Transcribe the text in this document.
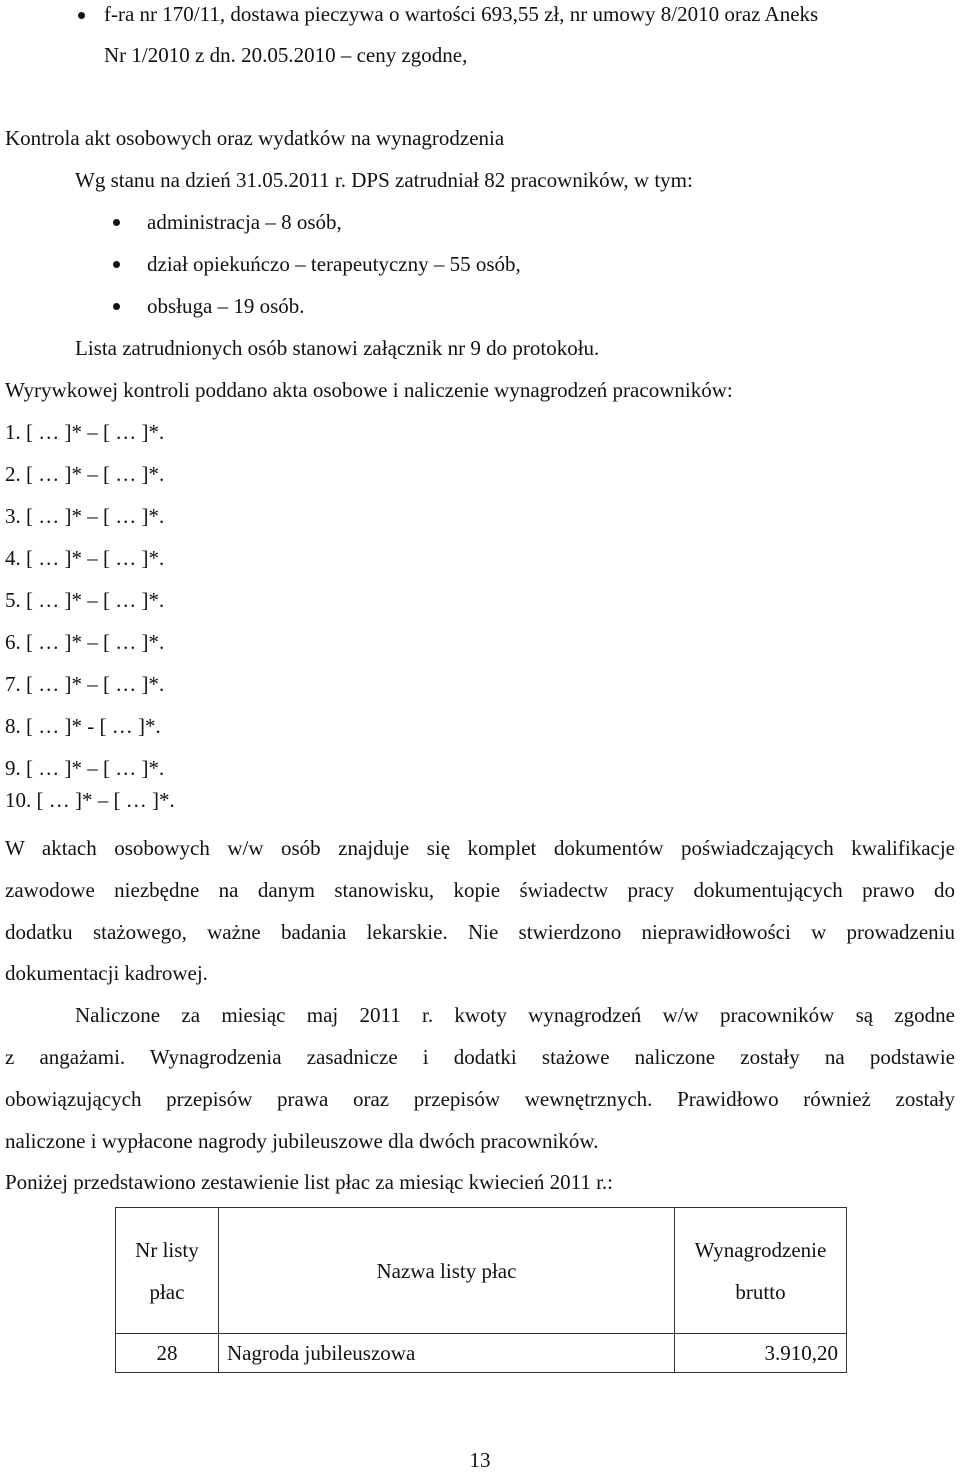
f-ra nr 170/11, dostawa pieczywa o wartości 693,55 zł, nr umowy 8/2010 oraz Aneks
Nr 1/2010 z dn. 20.05.2010 – ceny zgodne,
Kontrola akt osobowych oraz wydatków na wynagrodzenia
Wg stanu na dzień 31.05.2011 r. DPS zatrudniał 82 pracowników, w tym:
administracja – 8 osób,
dział opiekuńczo – terapeutyczny – 55 osób,
obsługa – 19 osób.
Lista zatrudnionych osób stanowi załącznik nr 9 do protokołu.
Wyrywkowej kontroli poddano akta osobowe i naliczenie wynagrodzeń pracowników:
1. [ … ]* – [ … ]*.
2. [ … ]* – [ … ]*.
3. [ … ]* – [ … ]*.
4. [ … ]* – [ … ]*.
5. [ … ]* – [ … ]*.
6. [ … ]* – [ … ]*.
7. [ … ]* – [ … ]*.
8. [ … ]* - [ … ]*.
9. [ … ]* – [ … ]*.
10. [ … ]* – [ … ]*.
W aktach osobowych w/w osób znajduje się komplet dokumentów poświadczających kwalifikacje
zawodowe niezbędne na danym stanowisku, kopie świadectw pracy dokumentujących prawo do
dodatku stażowego, ważne badania lekarskie. Nie stwierdzono nieprawidłowości w prowadzeniu
dokumentacji kadrowej.
Naliczone za miesiąc maj 2011 r. kwoty wynagrodzeń w/w pracowników są zgodne
z angażami. Wynagrodzenia zasadnicze i dodatki stażowe naliczone zostały na podstawie
obowiązujących przepisów prawa oraz przepisów wewnętrznych. Prawidłowo również zostały
naliczone i wypłacone nagrody jubileuszowe dla dwóch pracowników.
Poniżej przedstawiono zestawienie list płac za miesiąc kwiecień 2011 r.:
Nr listy płac	Nazwa listy płac	Wynagrodzenie brutto
28	Nagroda jubileuszowa	3.910,20
13
